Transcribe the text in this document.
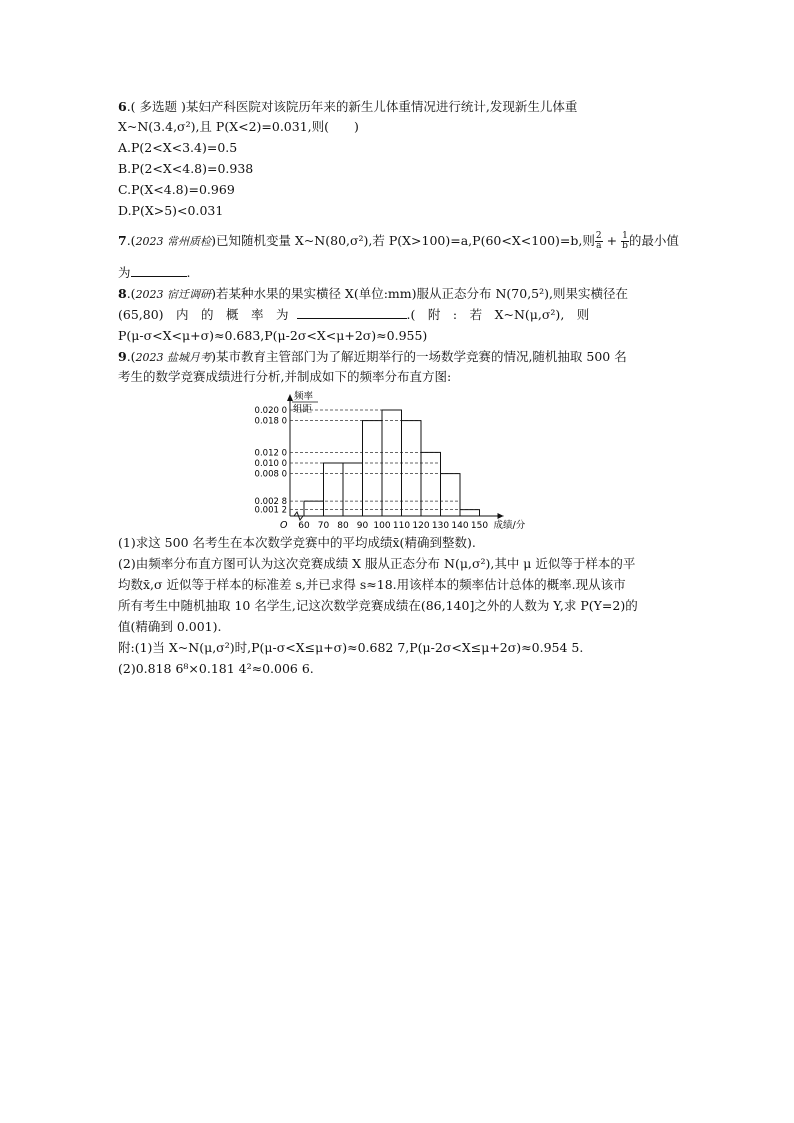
6.( 多选题 )某妇产科医院对该院历年来的新生儿体重情况进行统计,发现新生儿体重
X~N(3.4,σ²),且 P(X<2)=0.031,则(　　)
A.P(2<X<3.4)=0.5
B.P(2<X<4.8)=0.938
C.P(X<4.8)=0.969
D.P(X>5)<0.031
7.(2023 常州质检)已知随机变量 X~N(80,σ²),若 P(X>100)=a,P(60<X<100)=b,则 $\frac{2}{a} + \frac{1}{b}$ 的最小值
为	.
8.(2023 宿迁调研)若某种水果的果实横径 X(单位:mm)服从正态分布 N(70,5²),则果实横径在
(65,80)　内　的　概　率　为	.(　附　:　若　X~N(μ,σ²),　则
P(μ-σ<X<μ+σ)≈0.683,P(μ-2σ<X<μ+2σ)≈0.955)
9.(2023 盐城月考)某市教育主管部门为了解近期举行的一场数学竞赛的情况,随机抽取 500 名
考生的数学竞赛成绩进行分析,并制成如下的频率分布直方图:
频率
组距
成绩/分
O
0.001 2
0.002 8
0.008 0
0.010 0
0.012 0
0.018 0
0.020 0
60 70 80 90 100 110 120 130 140 150
(1)求这 500 名考生在本次数学竞赛中的平均成绩x̄(精确到整数).
(2)由频率分布直方图可认为这次竞赛成绩 X 服从正态分布 N(μ,σ²),其中 μ 近似等于样本的平
均数x̄,σ 近似等于样本的标准差 s,并已求得 s≈18.用该样本的频率估计总体的概率.现从该市
所有考生中随机抽取 10 名学生,记这次数学竞赛成绩在(86,140]之外的人数为 Y,求 P(Y=2)的
值(精确到 0.001).
附:(1)当 X~N(μ,σ²)时,P(μ-σ<X≤μ+σ)≈0.682 7,P(μ-2σ<X≤μ+2σ)≈0.954 5.
(2)0.818 6⁸×0.181 4²≈0.006 6.
